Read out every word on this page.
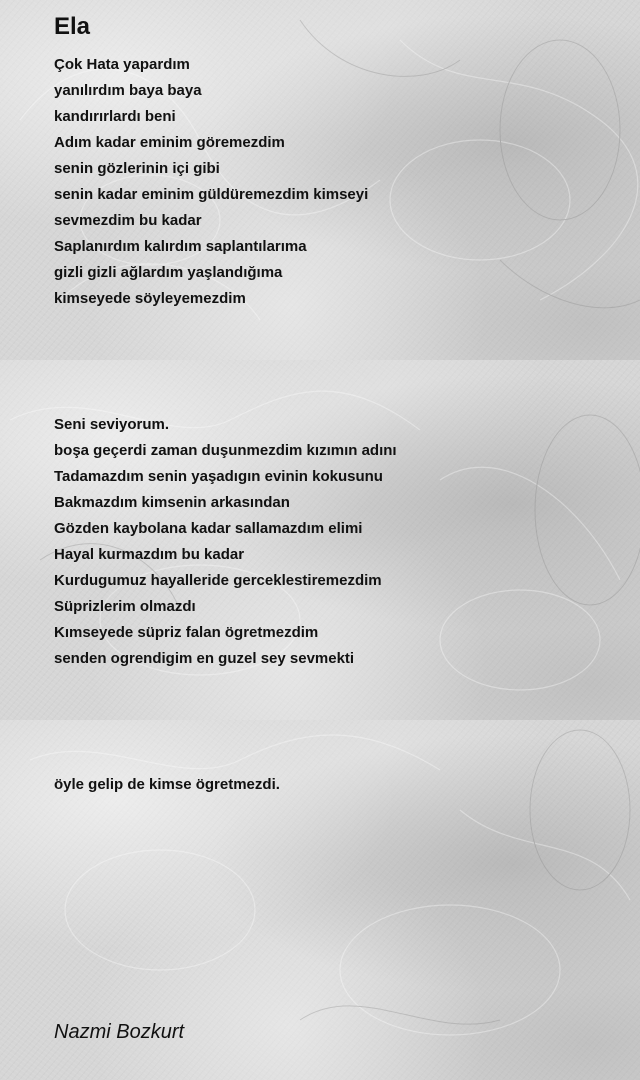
Ela
Çok Hata yapardım
yanılırdım baya baya
kandırırlardı beni
Adım kadar eminim göremezdim
senin gözlerinin içi gibi
senin kadar eminim güldüremezdim kimseyi
sevmezdim bu kadar
Saplanırdım kalırdım saplantılarıma
gizli gizli ağlardım yaşlandığıma
kimseyede söyleyemezdim
Seni seviyorum.
boşa geçerdi zaman duşunmezdim kızımın adını
Tadamazdım senin yaşadıgın evinin kokusunu
Bakmazdım kimsenin arkasından
Gözden kaybolana kadar sallamazdım elimi
Hayal kurmazdım bu kadar
Kurdugumuz hayalleride gerceklestiremezdim
Süprizlerim olmazdı
Kımseyede süpriz falan ögretmezdim
senden ogrendigim en guzel sey sevmekti
öyle gelip de kimse ögretmezdi.

Nazmi Bozkurt
